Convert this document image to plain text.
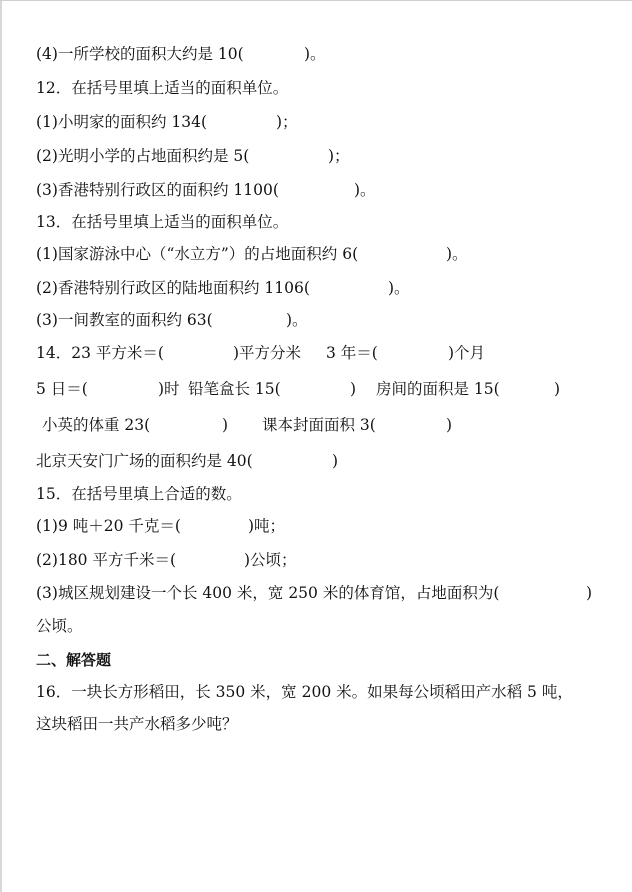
(4)一所学校的面积大约是 10(	)。
12．在括号里填上适当的面积单位。
(1)小明家的面积约 134(	)；
(2)光明小学的占地面积约是 5(	)；
(3)香港特别行政区的面积约 1100(	)。
13．在括号里填上适当的面积单位。
(1)国家游泳中心（“水立方”）的占地面积约 6(	)。
(2)香港特别行政区的陆地面积约 1106(	)。
(3)一间教室的面积约 63(	)。
14．23 平方米＝(	)平方分米 3 年＝(	)个月
5 日＝(	)时 铅笔盒长 15(	) 房间的面积是 15(	)
小英的体重 23(	) 课本封面面积 3(	)
北京天安门广场的面积约是 40(	)
15．在括号里填上合适的数。
(1)9 吨＋20 千克＝(	)吨；
(2)180 平方千米＝(	)公顷；
(3)城区规划建设一个长 400 米，宽 250 米的体育馆，占地面积为(	)
公顷。
二、解答题
16．一块长方形稻田，长 350 米，宽 200 米。如果每公顷稻田产水稻 5 吨，
这块稻田一共产水稻多少吨？
